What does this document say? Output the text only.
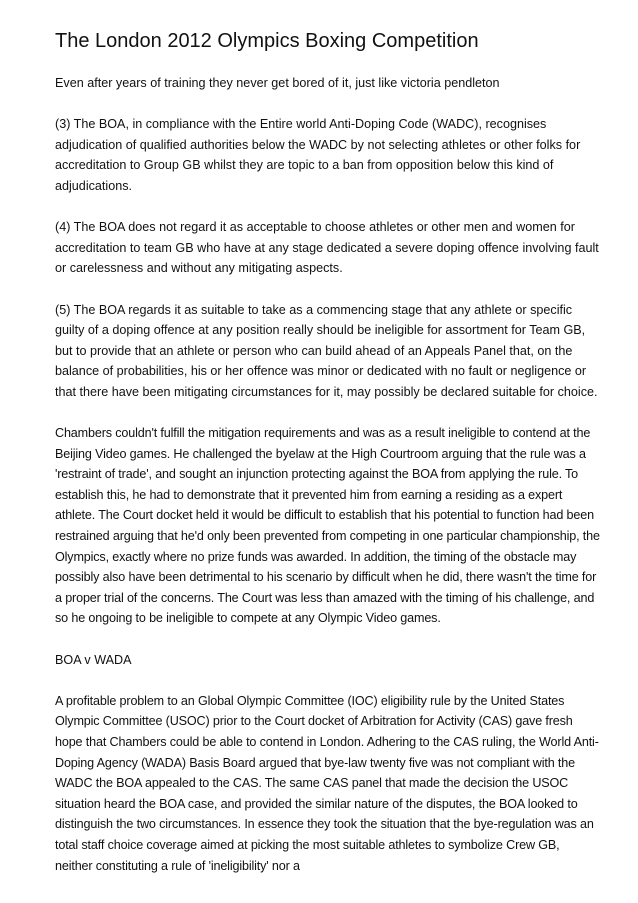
The London 2012 Olympics Boxing Competition

Even after years of training they never get bored of it, just like victoria pendleton

(3) The BOA, in compliance with the Entire world Anti-Doping Code (WADC), recognises adjudication of qualified authorities below the WADC by not selecting athletes or other folks for accreditation to Group GB whilst they are topic to a ban from opposition below this kind of adjudications.

(4) The BOA does not regard it as acceptable to choose athletes or other men and women for accreditation to team GB who have at any stage dedicated a severe doping offence involving fault or carelessness and without any mitigating aspects.

(5) The BOA regards it as suitable to take as a commencing stage that any athlete or specific guilty of a doping offence at any position really should be ineligible for assortment for Team GB, but to provide that an athlete or person who can build ahead of an Appeals Panel that, on the balance of probabilities, his or her offence was minor or dedicated with no fault or negligence or that there have been mitigating circumstances for it, may possibly be declared suitable for choice.

Chambers couldn't fulfill the mitigation requirements and was as a result ineligible to contend at the Beijing Video games. He challenged the byelaw at the High Courtroom arguing that the rule was a 'restraint of trade', and sought an injunction protecting against the BOA from applying the rule. To establish this, he had to demonstrate that it prevented him from earning a residing as a expert athlete. The Court docket held it would be difficult to establish that his potential to function had been restrained arguing that he'd only been prevented from competing in one particular championship, the Olympics, exactly where no prize funds was awarded. In addition, the timing of the obstacle may possibly also have been detrimental to his scenario by difficult when he did, there wasn't the time for a proper trial of the concerns. The Court was less than amazed with the timing of his challenge, and so he ongoing to be ineligible to compete at any Olympic Video games.

BOA v WADA

A profitable problem to an Global Olympic Committee (IOC) eligibility rule by the United States Olympic Committee (USOC) prior to the Court docket of Arbitration for Activity (CAS) gave fresh hope that Chambers could be able to contend in London. Adhering to the CAS ruling, the World Anti-Doping Agency (WADA) Basis Board argued that bye-law twenty five was not compliant with the WADC the BOA appealed to the CAS. The same CAS panel that made the decision the USOC situation heard the BOA case, and provided the similar nature of the disputes, the BOA looked to distinguish the two circumstances. In essence they took the situation that the bye-regulation was an total staff choice coverage aimed at picking the most suitable athletes to symbolize Crew GB, neither constituting a rule of 'ineligibility' nor a
